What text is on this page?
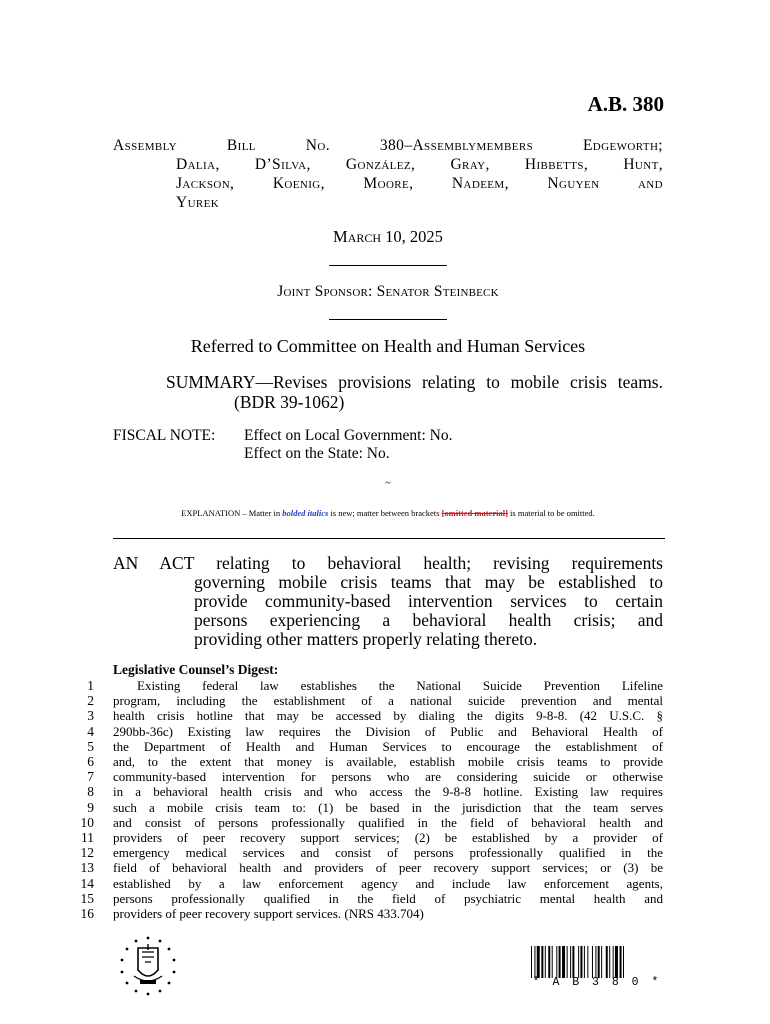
A.B. 380
Assembly Bill No. 380–Assemblymembers Edgeworth;
Dalia, D’Silva, González, Gray, Hibbetts, Hunt,
Jackson, Koenig, Moore, Nadeem, Nguyen and
Yurek
March 10, 2025
Joint Sponsor: Senator Steinbeck
Referred to Committee on Health and Human Services
SUMMARY—Revises provisions relating to mobile crisis teams.
(BDR 39-1062)
FISCAL NOTE: Effect on Local Government: No.
Effect on the State: No.
~
EXPLANATION – Matter in bolded italics is new; matter between brackets [omitted material] is material to be omitted.
AN ACT relating to behavioral health; revising requirements
governing mobile crisis teams that may be established to
provide community-based intervention services to certain
persons experiencing a behavioral health crisis; and
providing other matters properly relating thereto.
Legislative Counsel’s Digest:
1
2
3
4
5
6
7
8
9
10
11
12
13
14
15
16
Existing federal law establishes the National Suicide Prevention Lifeline
program, including the establishment of a national suicide prevention and mental
health crisis hotline that may be accessed by dialing the digits 9-8-8. (42 U.S.C. §
290bb-36c) Existing law requires the Division of Public and Behavioral Health of
the Department of Health and Human Services to encourage the establishment of
and, to the extent that money is available, establish mobile crisis teams to provide
community-based intervention for persons who are considering suicide or otherwise
in a behavioral health crisis and who access the 9-8-8 hotline. Existing law requires
such a mobile crisis team to: (1) be based in the jurisdiction that the team serves
and consist of persons professionally qualified in the field of behavioral health and
providers of peer recovery support services; (2) be established by a provider of
emergency medical services and consist of persons professionally qualified in the
field of behavioral health and providers of peer recovery support services; or (3) be
established by a law enforcement agency and include law enforcement agents,
persons professionally qualified in the field of psychiatric mental health and
providers of peer recovery support services. (NRS 433.704)
* A B 3 8 0 *
